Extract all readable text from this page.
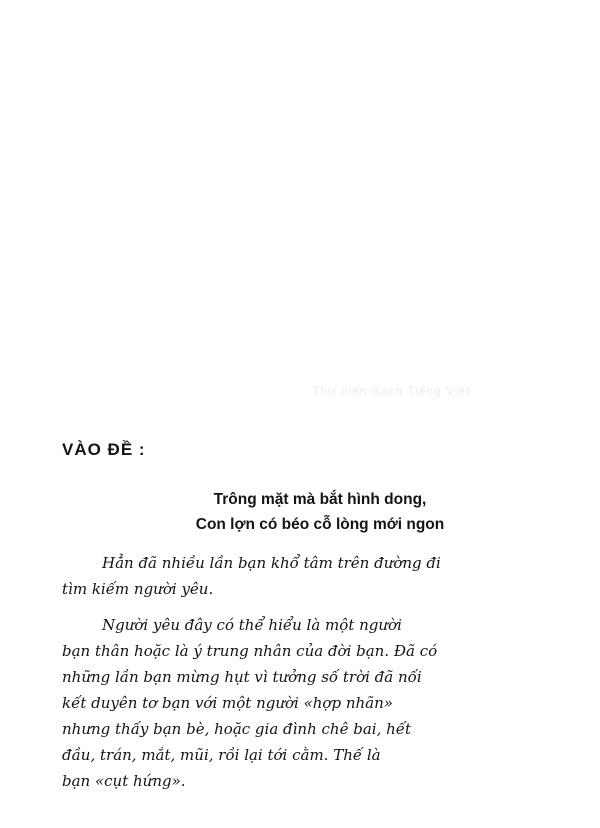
Thư viện Sách Tiếng Việt
VÀO ĐỀ :
Trông mặt mà bắt hình dong,
Con lợn có béo cỗ lòng mới ngon
Hẳn đã nhiều lần bạn khổ tâm trên đường đi
tìm kiếm người yêu.
Người yêu đây có thể hiểu là một người
bạn thân hoặc là ý trung nhân của đời bạn. Đã có
những lần bạn mừng hụt vì tưởng số trời đã nối
kết duyên tơ bạn với một người «hợp nhãn»
nhưng thấy bạn bè, hoặc gia đình chê bai, hết
đầu, trán, mắt, mũi, rồi lại tới cằm. Thế là
bạn «cụt hứng».
